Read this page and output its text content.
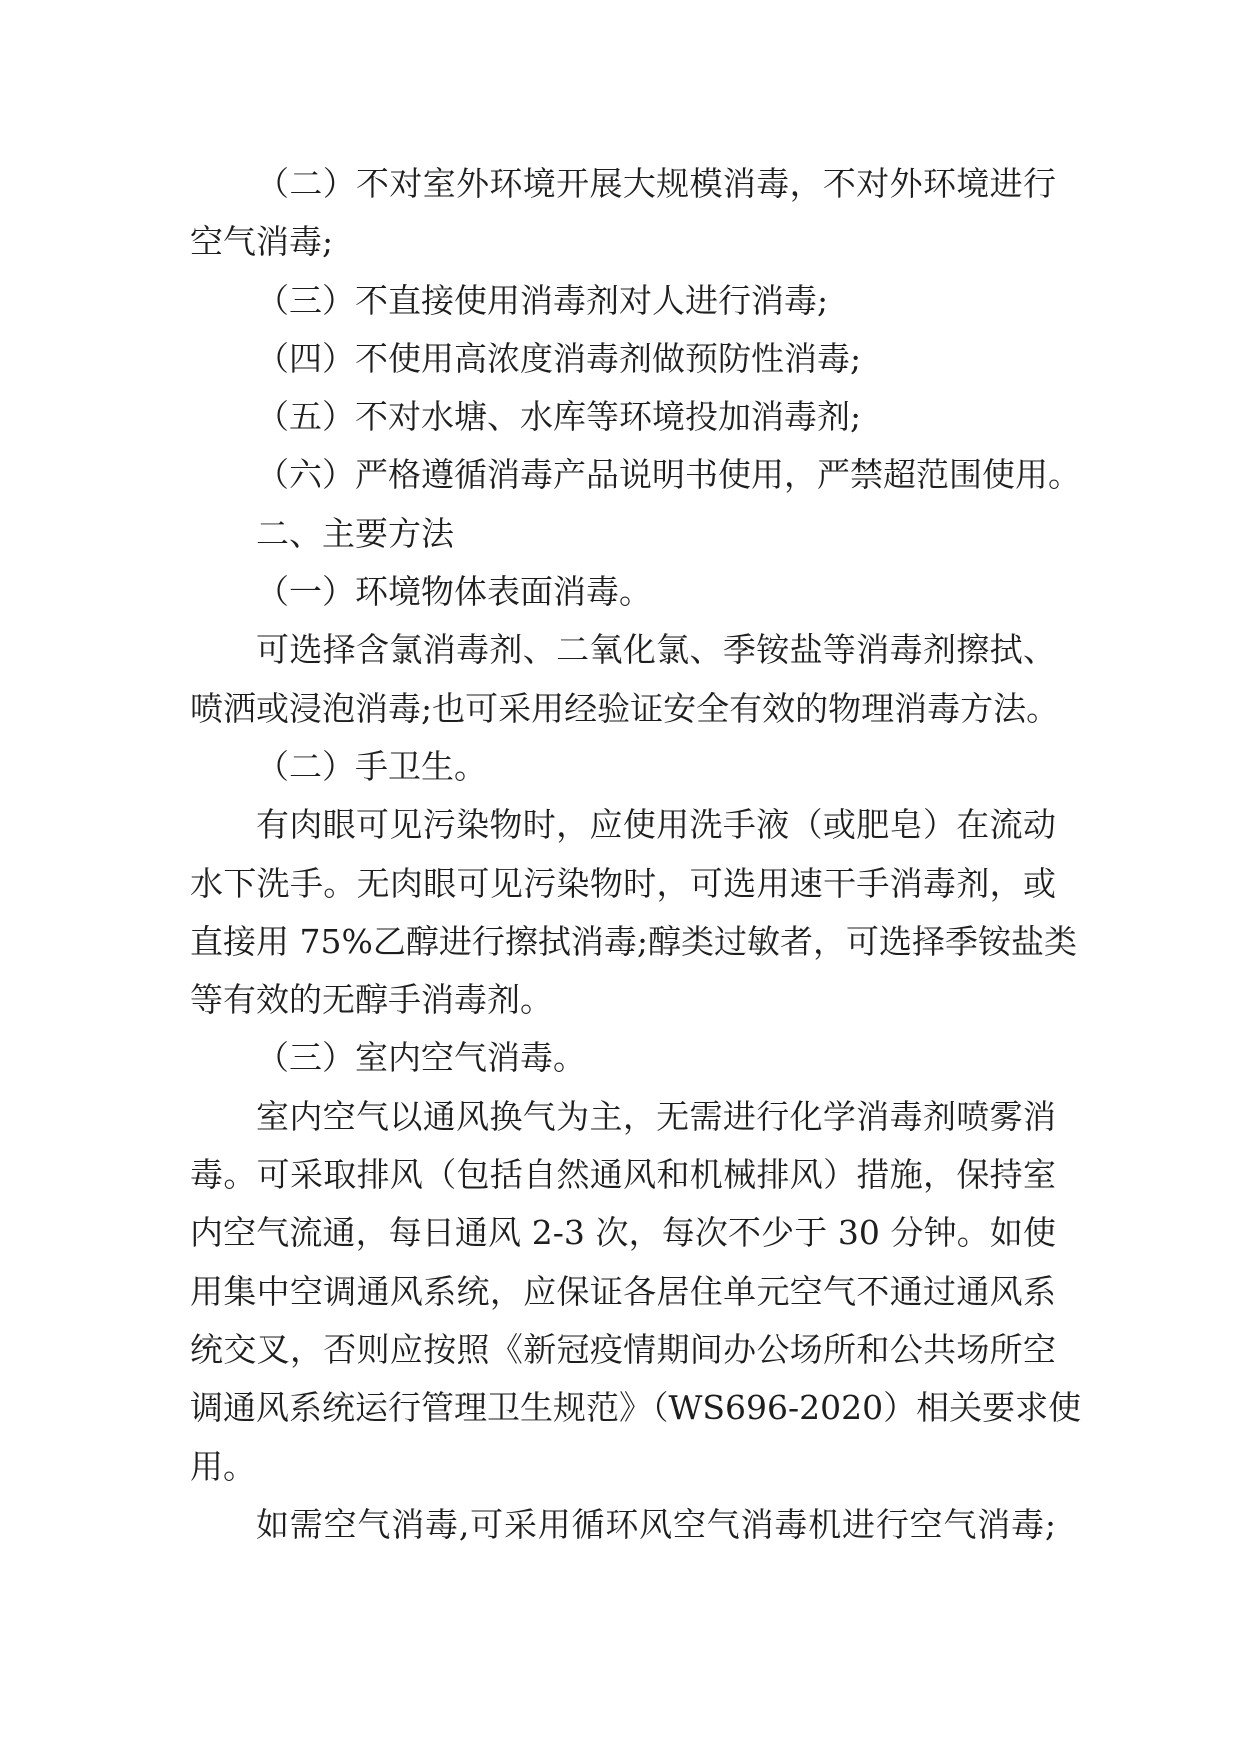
（二）不对室外环境开展大规模消毒，不对外环境进行
空气消毒;
（三）不直接使用消毒剂对人进行消毒;
（四）不使用高浓度消毒剂做预防性消毒;
（五）不对水塘、水库等环境投加消毒剂;
（六）严格遵循消毒产品说明书使用，严禁超范围使用。
二、主要方法
（一）环境物体表面消毒。
可选择含氯消毒剂、二氧化氯、季铵盐等消毒剂擦拭、
喷洒或浸泡消毒;也可采用经验证安全有效的物理消毒方法。
（二）手卫生。
有肉眼可见污染物时，应使用洗手液（或肥皂）在流动
水下洗手。无肉眼可见污染物时，可选用速干手消毒剂，或
直接用 75%乙醇进行擦拭消毒;醇类过敏者，可选择季铵盐类
等有效的无醇手消毒剂。
（三）室内空气消毒。
室内空气以通风换气为主，无需进行化学消毒剂喷雾消
毒。可采取排风（包括自然通风和机械排风）措施，保持室
内空气流通，每日通风 2-3 次，每次不少于 30 分钟。如使
用集中空调通风系统，应保证各居住单元空气不通过通风系
统交叉，否则应按照《新冠疫情期间办公场所和公共场所空
调通风系统运行管理卫生规范》（WS696-2020）相关要求使
用。
如需空气消毒,可采用循环风空气消毒机进行空气消毒;
